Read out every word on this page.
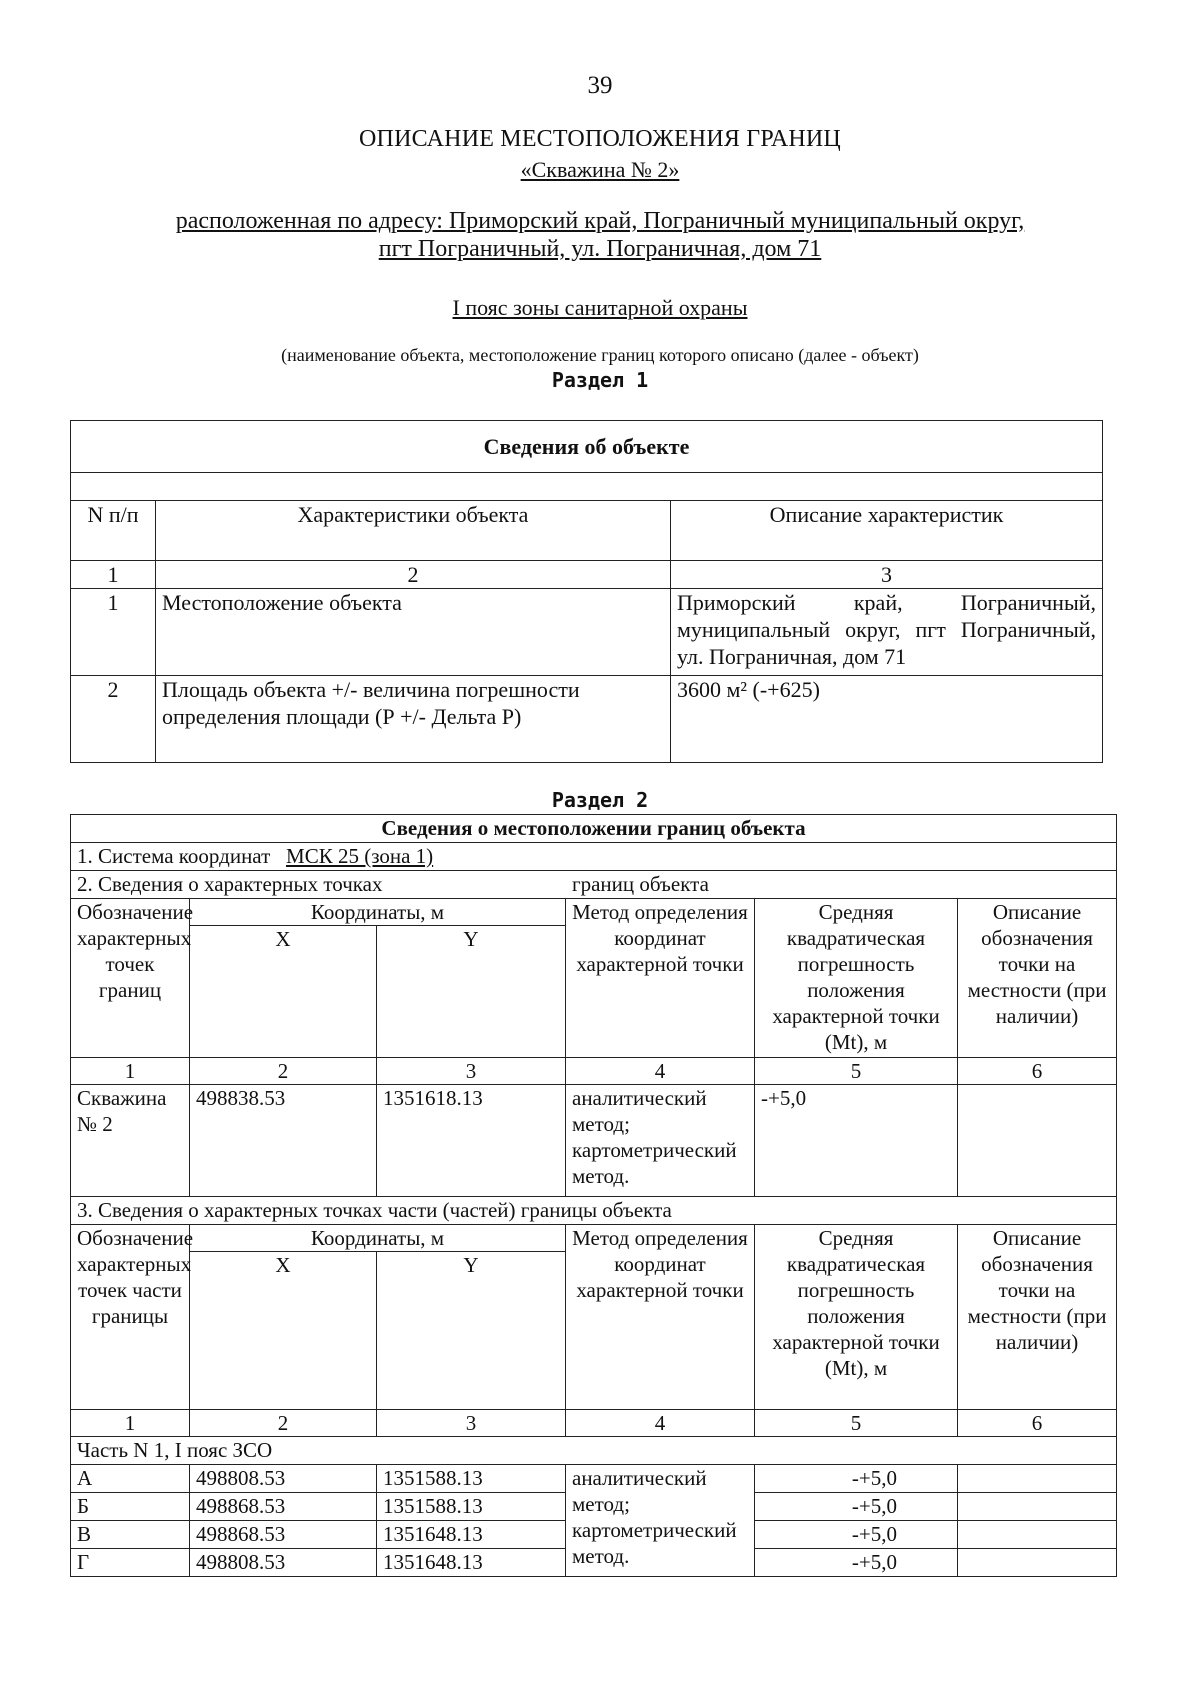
39
ОПИСАНИЕ МЕСТОПОЛОЖЕНИЯ ГРАНИЦ
«Скважина № 2»
расположенная по адресу: Приморский край, Пограничный муниципальный округ,
пгт Пограничный, ул. Пограничная, дом 71
I пояс зоны санитарной охраны
(наименование объекта, местоположение границ которого описано (далее - объект)
Раздел 1
Сведения об объекте		

N п/п	Характеристики объекта	Описание характеристик
1	2	3
1	Местоположение объекта	Приморский край, Пограничный, муниципальный округ, пгт Пограничный, ул. Пограничная, дом 71
2	Площадь объекта +/- величина погрешности определения площади (Р +/- Дельта Р)	3600 м² (-+625)
Раздел 2
Сведения о местоположении границ объекта					
1. Система координат МСК 25 (зона 1)					
2. Сведения о характерных точках границ объекта					
Обозначение характерных точек границ	Координаты, м		Метод определения координат характерной точки	Средняя квадратическая погрешность положения характерной точки (Mt), м	Описание обозначения точки на местности (при наличии)
	X	Y			
1	2	3	4	5	6
Скважина № 2	498838.53	1351618.13	аналитический метод; картометрический метод.	-+5,0	
3. Сведения о характерных точках части (частей) границы объекта					
Обозначение характерных точек части границы	Координаты, м		Метод определения координат характерной точки	Средняя квадратическая погрешность положения характерной точки (Mt), м	Описание обозначения точки на местности (при наличии)
	X	Y			
1	2	3	4	5	6
Часть N 1, I пояс ЗСО					
А	498808.53	1351588.13	аналитический метод; картометрический метод.	-+5,0	
Б	498868.53	1351588.13		-+5,0	
В	498868.53	1351648.13		-+5,0	
Г	498808.53	1351648.13		-+5,0	
